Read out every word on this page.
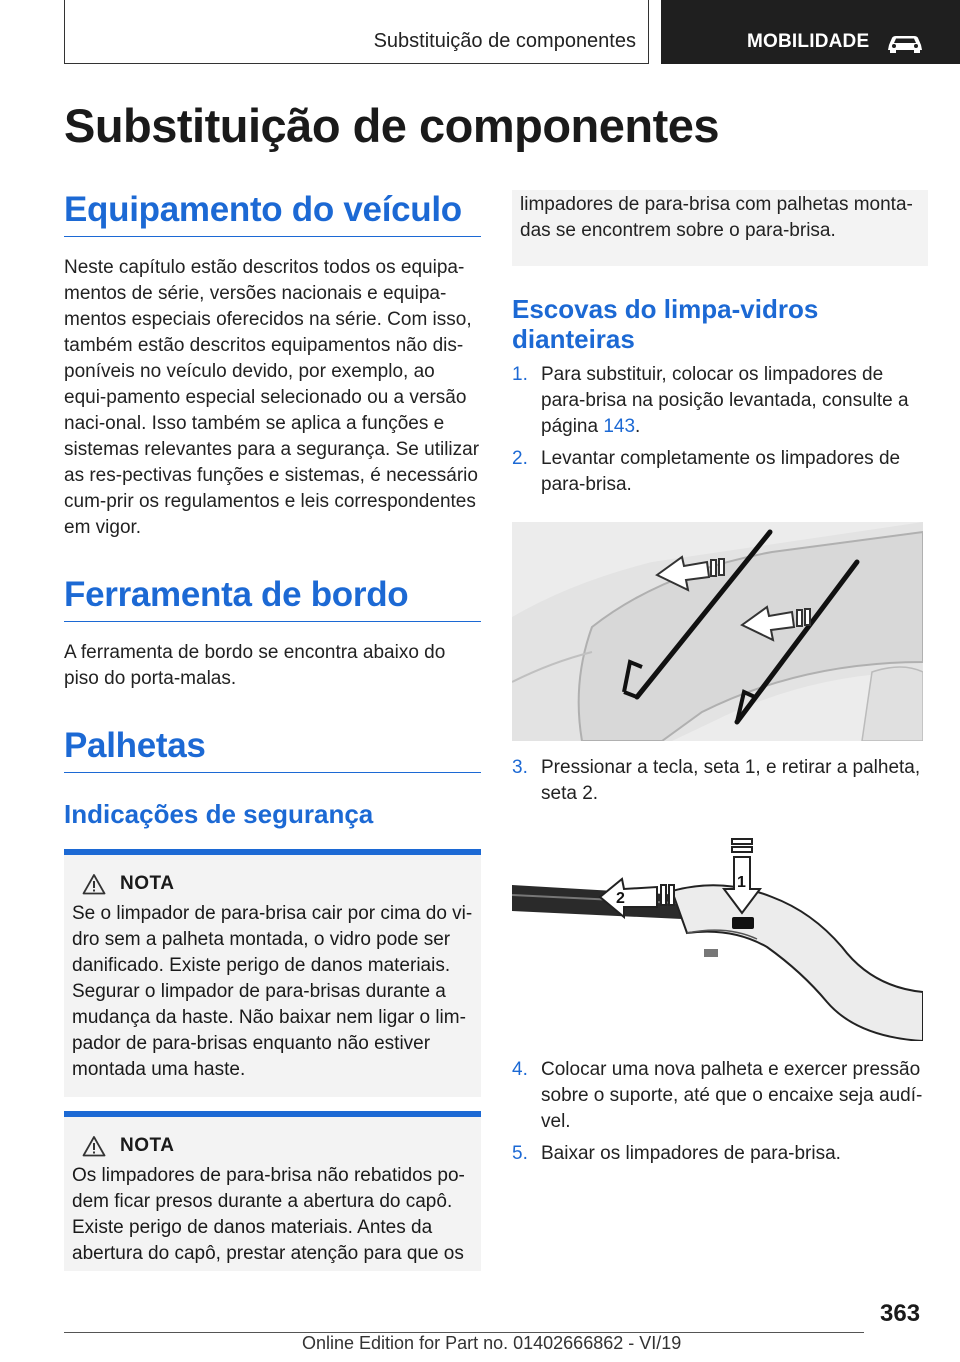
Substituição de componentes	MOBILIDADE
Substituição de componentes
Equipamento do veículo

Neste capítulo estão descritos todos os equipa-mentos de série, versões nacionais e equipa-mentos especiais oferecidos na série. Com isso, também estão descritos equipamentos não dis-poníveis no veículo devido, por exemplo, ao equi-pamento especial selecionado ou a versão naci-onal. Isso também se aplica a funções e sistemas relevantes para a segurança. Se utilizar as res-pectivas funções e sistemas, é necessário cum-prir os regulamentos e leis correspondentes em vigor.

Ferramenta de bordo

A ferramenta de bordo se encontra abaixo do piso do porta-malas.

Palhetas
Indicações de segurança
NOTA

Se o limpador de para-brisa cair por cima do vi-dro sem a palheta montada, o vidro pode ser danificado. Existe perigo de danos materiais. Segurar o limpador de para-brisas durante a mudança da haste. Não baixar nem ligar o lim-pador de para-brisas enquanto não estiver montada uma haste.

NOTA

Os limpadores de para-brisa não rebatidos po-dem ficar presos durante a abertura do capô. Existe perigo de danos materiais. Antes da abertura do capô, prestar atenção para que os

limpadores de para-brisa com palhetas monta-das se encontrem sobre o para-brisa.

Escovas do limpa-vidros dianteiras
1. Para substituir, colocar os limpadores de para-brisa na posição levantada, consulte a página 143.
2. Levantar completamente os limpadores de para-brisa.
3. Pressionar a tecla, seta 1, e retirar a palheta, seta 2.
2
1
4. Colocar uma nova palheta e exercer pressão sobre o suporte, até que o encaixe seja audí-vel.
5. Baixar os limpadores de para-brisa.
363
Online Edition for Part no. 01402666862 - VI/19
